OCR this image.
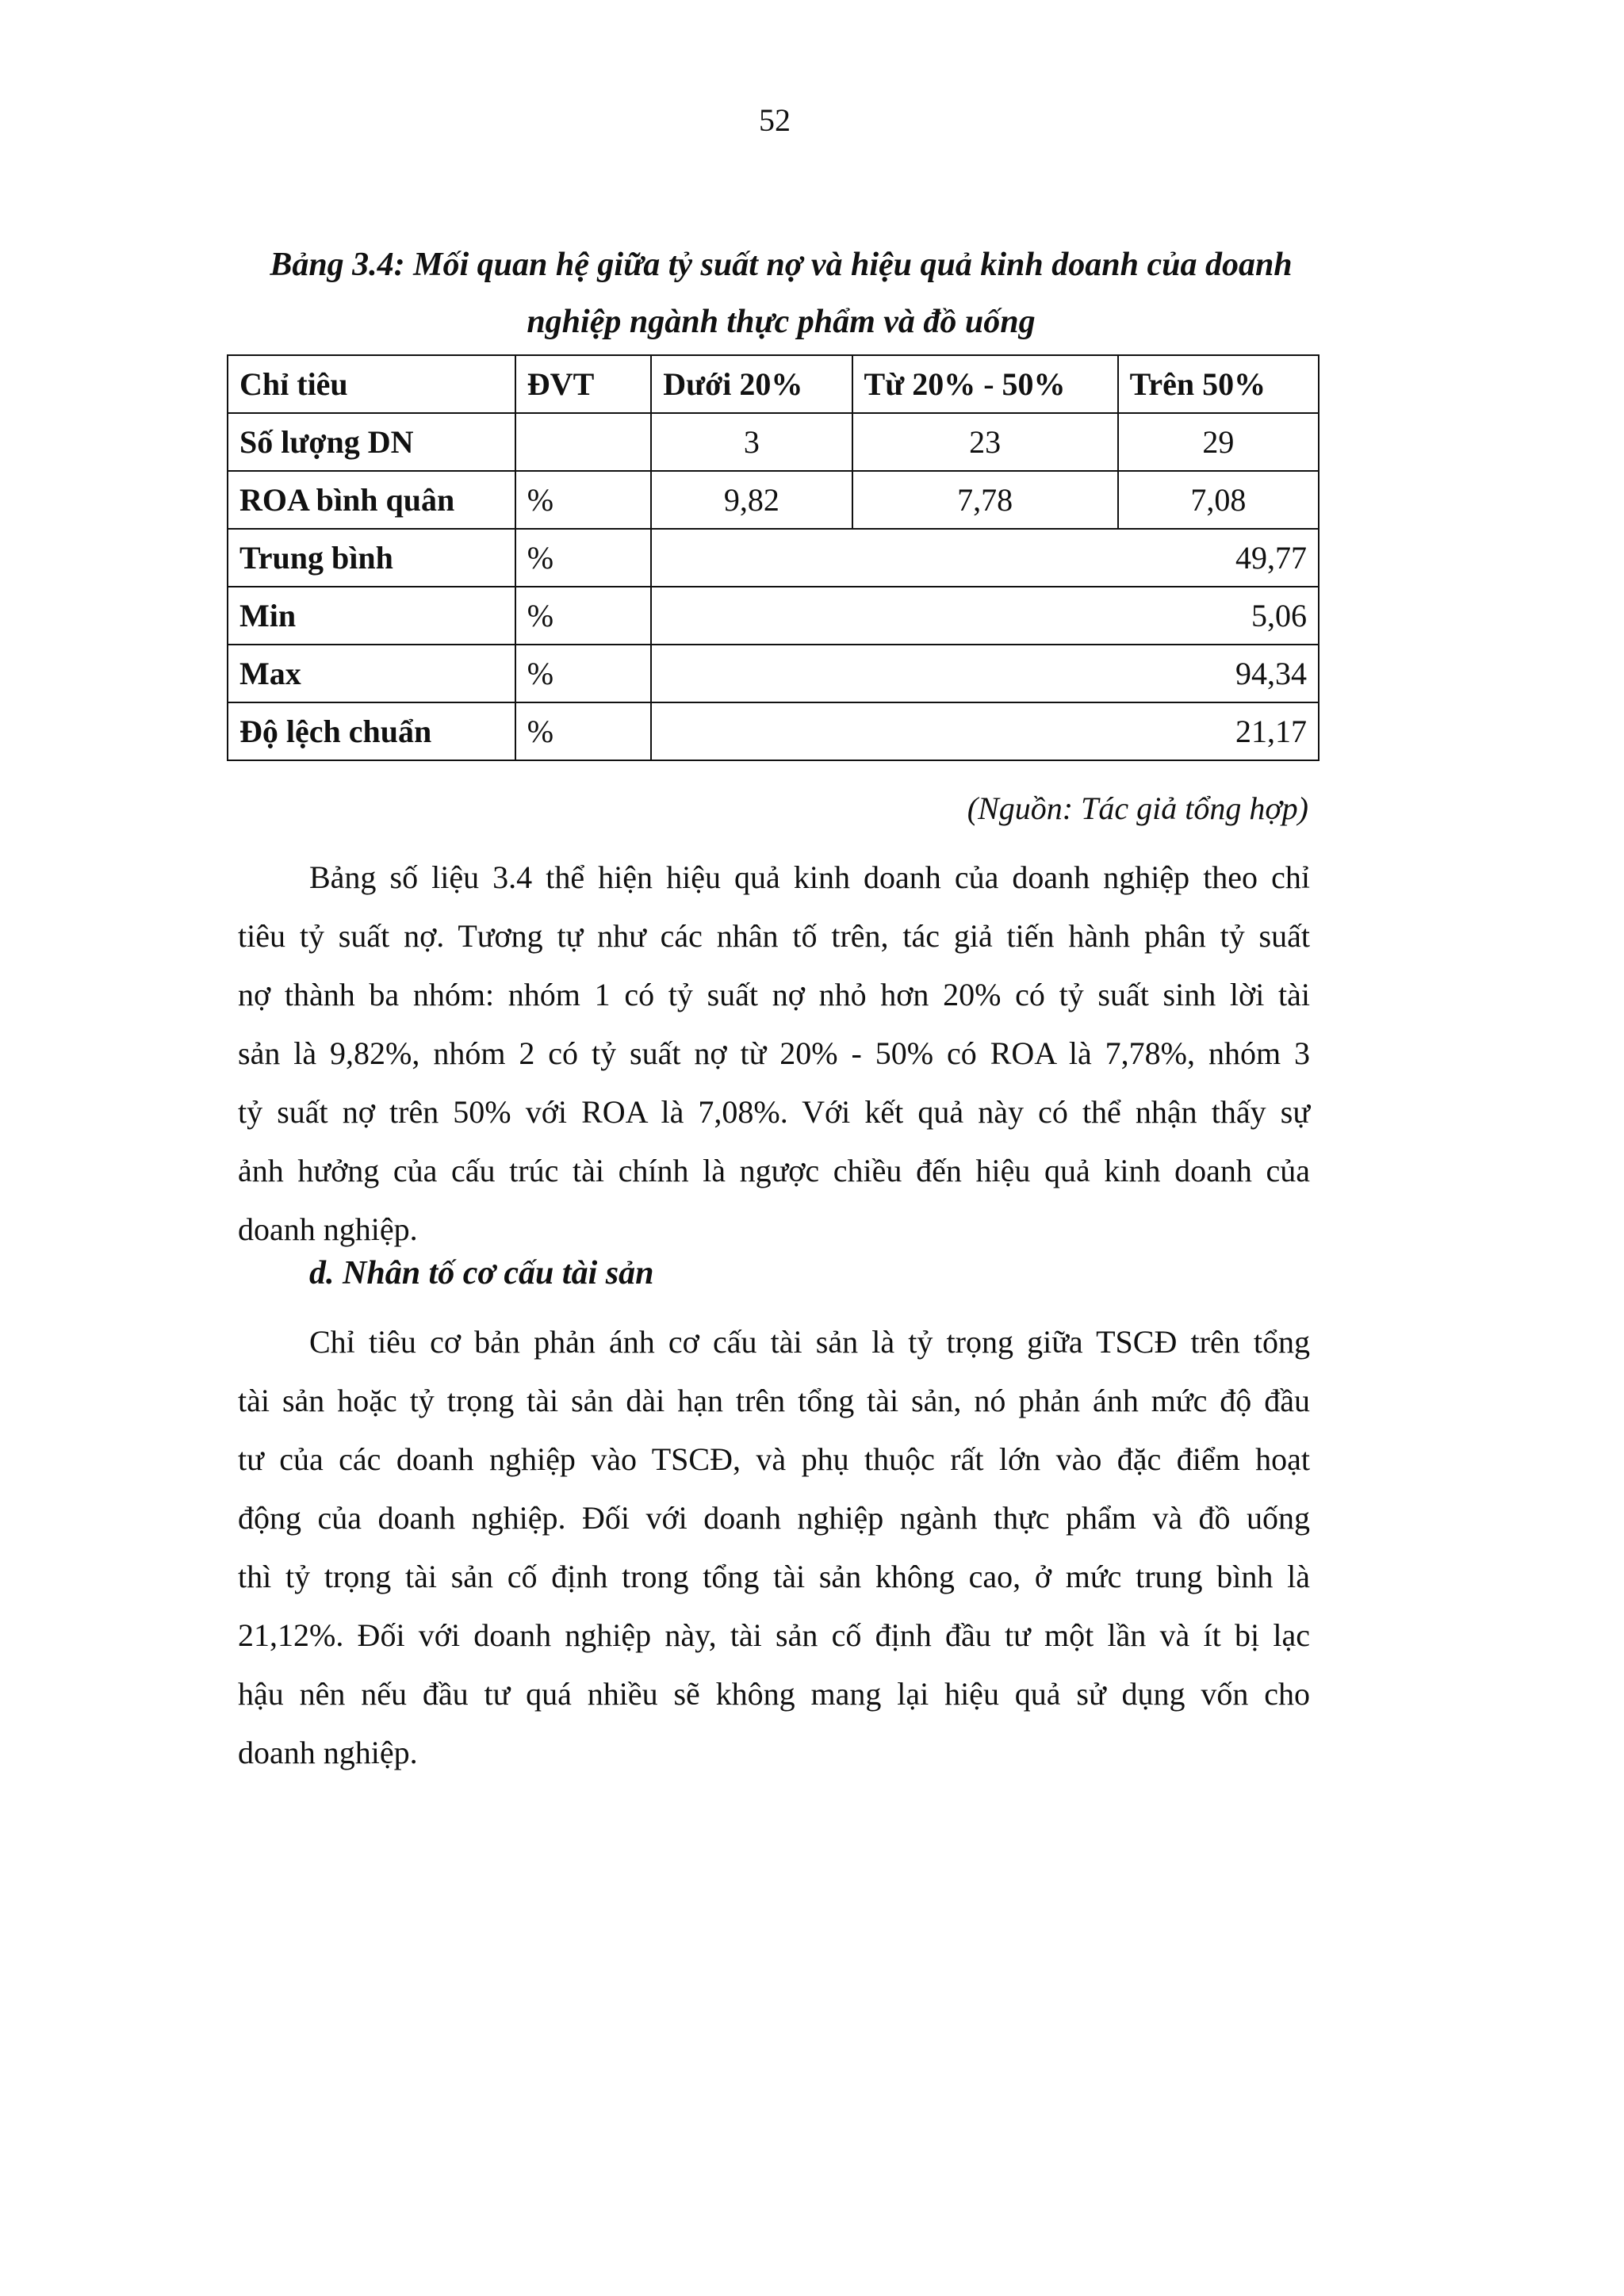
52
Bảng 3.4: Mối quan hệ giữa tỷ suất nợ và hiệu quả kinh doanh của doanh
nghiệp ngành thực phẩm và đồ uống
Chỉ tiêu	ĐVT	Dưới 20%	Từ 20% - 50%	Trên 50%
Số lượng DN		3	23	29
ROA bình quân	%	9,82	7,78	7,08
Trung bình	%	49,77		
Min	%	5,06		
Max	%	94,34		
Độ lệch chuẩn	%	21,17		
(Nguồn: Tác giả tổng hợp)
Bảng số liệu 3.4 thể hiện hiệu quả kinh doanh của doanh nghiệp theo chỉ
tiêu tỷ suất nợ. Tương tự như các nhân tố trên, tác giả tiến hành phân tỷ suất
nợ thành ba nhóm: nhóm 1 có tỷ suất nợ nhỏ hơn 20% có tỷ suất sinh lời tài
sản là 9,82%, nhóm 2 có tỷ suất nợ từ 20% - 50% có ROA là 7,78%, nhóm 3
tỷ suất nợ trên 50% với ROA là 7,08%. Với kết quả này có thể nhận thấy sự
ảnh hưởng của cấu trúc tài chính là ngược chiều đến hiệu quả kinh doanh của
doanh nghiệp.
d. Nhân tố cơ cấu tài sản
Chỉ tiêu cơ bản phản ánh cơ cấu tài sản là tỷ trọng giữa TSCĐ trên tổng
tài sản hoặc tỷ trọng tài sản dài hạn trên tổng tài sản, nó phản ánh mức độ đầu
tư của các doanh nghiệp vào TSCĐ, và phụ thuộc rất lớn vào đặc điểm hoạt
động của doanh nghiệp. Đối với doanh nghiệp ngành thực phẩm và đồ uống
thì tỷ trọng tài sản cố định trong tổng tài sản không cao, ở mức trung bình là
21,12%. Đối với doanh nghiệp này, tài sản cố định đầu tư một lần và ít bị lạc
hậu nên nếu đầu tư quá nhiều sẽ không mang lại hiệu quả sử dụng vốn cho
doanh nghiệp.
